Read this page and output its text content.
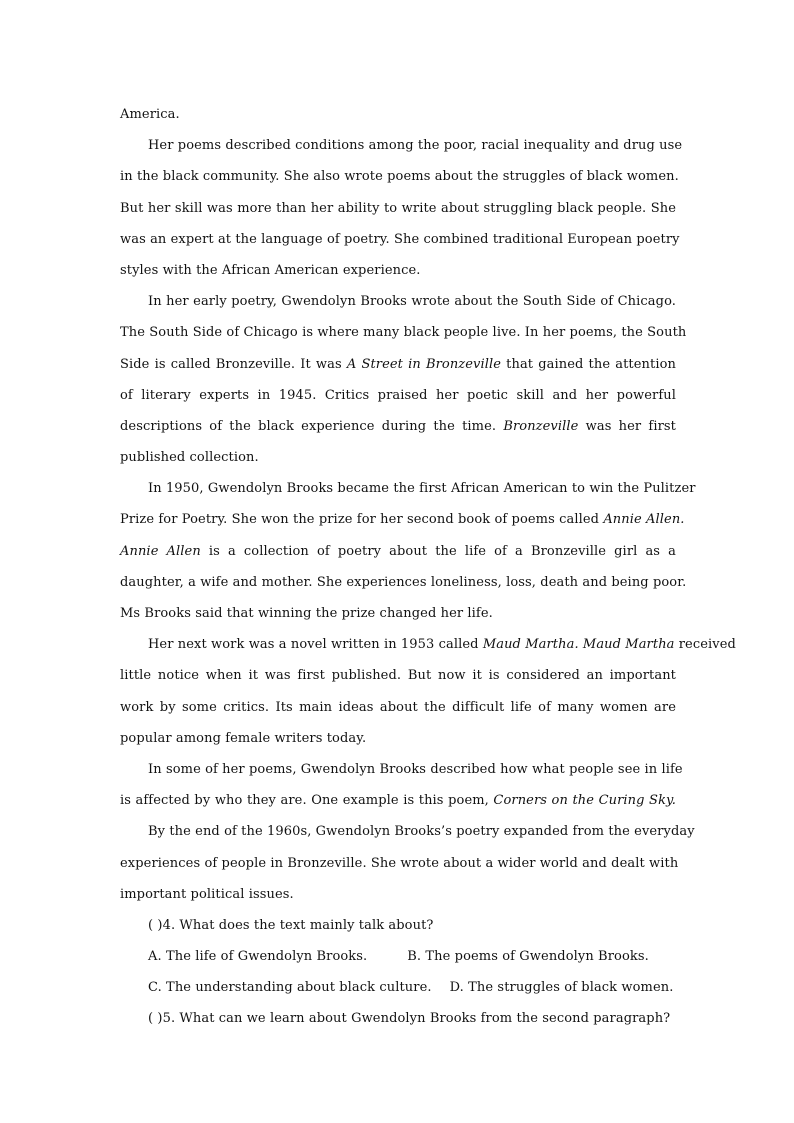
America.
Her poems described conditions among the poor, racial inequality and drug use
in the black community. She also wrote poems about the struggles of black women.
But her skill was more than her ability to write about struggling black people. She
was an expert at the language of poetry. She combined traditional European poetry
styles with the African American experience.
In her early poetry, Gwendolyn Brooks wrote about the South Side of Chicago.
The South Side of Chicago is where many black people live. In her poems, the South
Side is called Bronzeville. It was A Street in Bronzeville that gained the attention
of literary experts in 1945. Critics praised her poetic skill and her powerful
descriptions of the black experience during the time. Bronzeville was her first
published collection.
In 1950, Gwendolyn Brooks became the first African American to win the Pulitzer
Prize for Poetry. She won the prize for her second book of poems called Annie Allen.
Annie Allen is a collection of poetry about the life of a Bronzeville girl as a
daughter, a wife and mother. She experiences loneliness, loss, death and being poor.
Ms Brooks said that winning the prize changed her life.
Her next work was a novel written in 1953 called Maud Martha. Maud Martha received
little notice when it was first published. But now it is considered an important
work by some critics. Its main ideas about the difficult life of many women are
popular among female writers today.
In some of her poems, Gwendolyn Brooks described how what people see in life
is affected by who they are. One example is this poem, Corners on the Curing Sky.
By the end of the 1960s, Gwendolyn Brooks’s poetry expanded from the everyday
experiences of people in Bronzeville. She wrote about a wider world and dealt with
important political issues.
( )4. What does the text mainly talk about?
A. The life of Gwendolyn Brooks.	B. The poems of Gwendolyn Brooks.
C. The understanding about black culture. D. The struggles of black women.
( )5. What can we learn about Gwendolyn Brooks from the second paragraph?
